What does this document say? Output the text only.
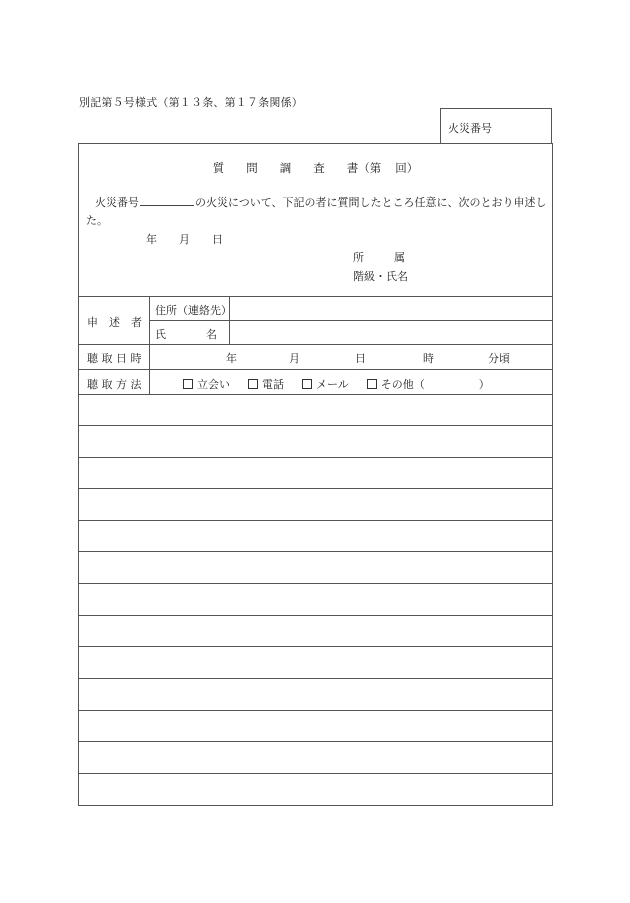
別記第５号様式（第１３条、第１７条関係）
火災番号
質 問 調 査 書（第 回）
火災番号	の火災について、下記の者に質問したところ任意に、次のとおり申述し
た。
年 月 日
所	属
階級・氏名
申　述　者
住所（連絡先）
氏	名
聴 取 日 時	年	月	日	時	分頃
聴 取 方 法	立会い	電話	メール	その他（	）
